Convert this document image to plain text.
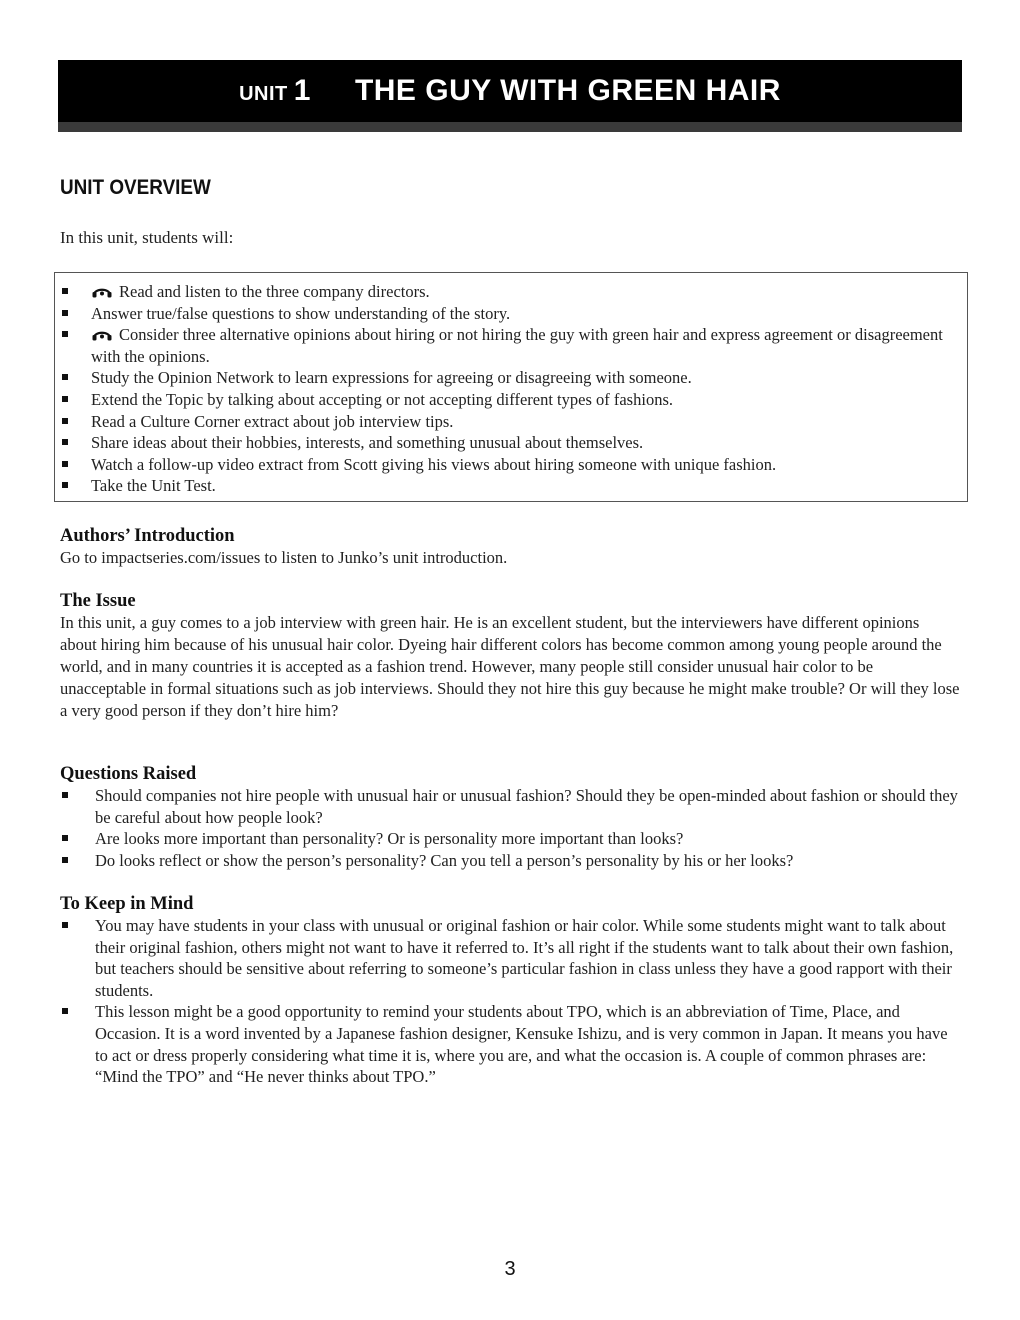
UNIT 1 THE GUY WITH GREEN HAIR
UNIT OVERVIEW

In this unit, students will:

Read and listen to the three company directors.
Answer true/false questions to show understanding of the story.
Consider three alternative opinions about hiring or not hiring the guy with green hair and express agreement or disagreement with the opinions.
Study the Opinion Network to learn expressions for agreeing or disagreeing with someone.
Extend the Topic by talking about accepting or not accepting different types of fashions.
Read a Culture Corner extract about job interview tips.
Share ideas about their hobbies, interests, and something unusual about themselves.
Watch a follow-up video extract from Scott giving his views about hiring someone with unique fashion.
Take the Unit Test.
Authors’ Introduction

Go to impactseries.com/issues to listen to Junko’s unit introduction.

The Issue

In this unit, a guy comes to a job interview with green hair. He is an excellent student, but the interviewers have different opinions about hiring him because of his unusual hair color. Dyeing hair different colors has become common among young people around the world, and in many countries it is accepted as a fashion trend. However, many people still consider unusual hair color to be unacceptable in formal situations such as job interviews. Should they not hire this guy because he might make trouble? Or will they lose a very good person if they don’t hire him?

Questions Raised
Should companies not hire people with unusual hair or unusual fashion? Should they be open-minded about fashion or should they be careful about how people look?
Are looks more important than personality? Or is personality more important than looks?
Do looks reflect or show the person’s personality? Can you tell a person’s personality by his or her looks?
To Keep in Mind
You may have students in your class with unusual or original fashion or hair color. While some students might want to talk about their original fashion, others might not want to have it referred to. It’s all right if the students want to talk about their own fashion, but teachers should be sensitive about referring to someone’s particular fashion in class unless they have a good rapport with their students.
This lesson might be a good opportunity to remind your students about TPO, which is an abbreviation of Time, Place, and Occasion. It is a word invented by a Japanese fashion designer, Kensuke Ishizu, and is very common in Japan. It means you have to act or dress properly considering what time it is, where you are, and what the occasion is. A couple of common phrases are: “Mind the TPO” and “He never thinks about TPO.”
3
